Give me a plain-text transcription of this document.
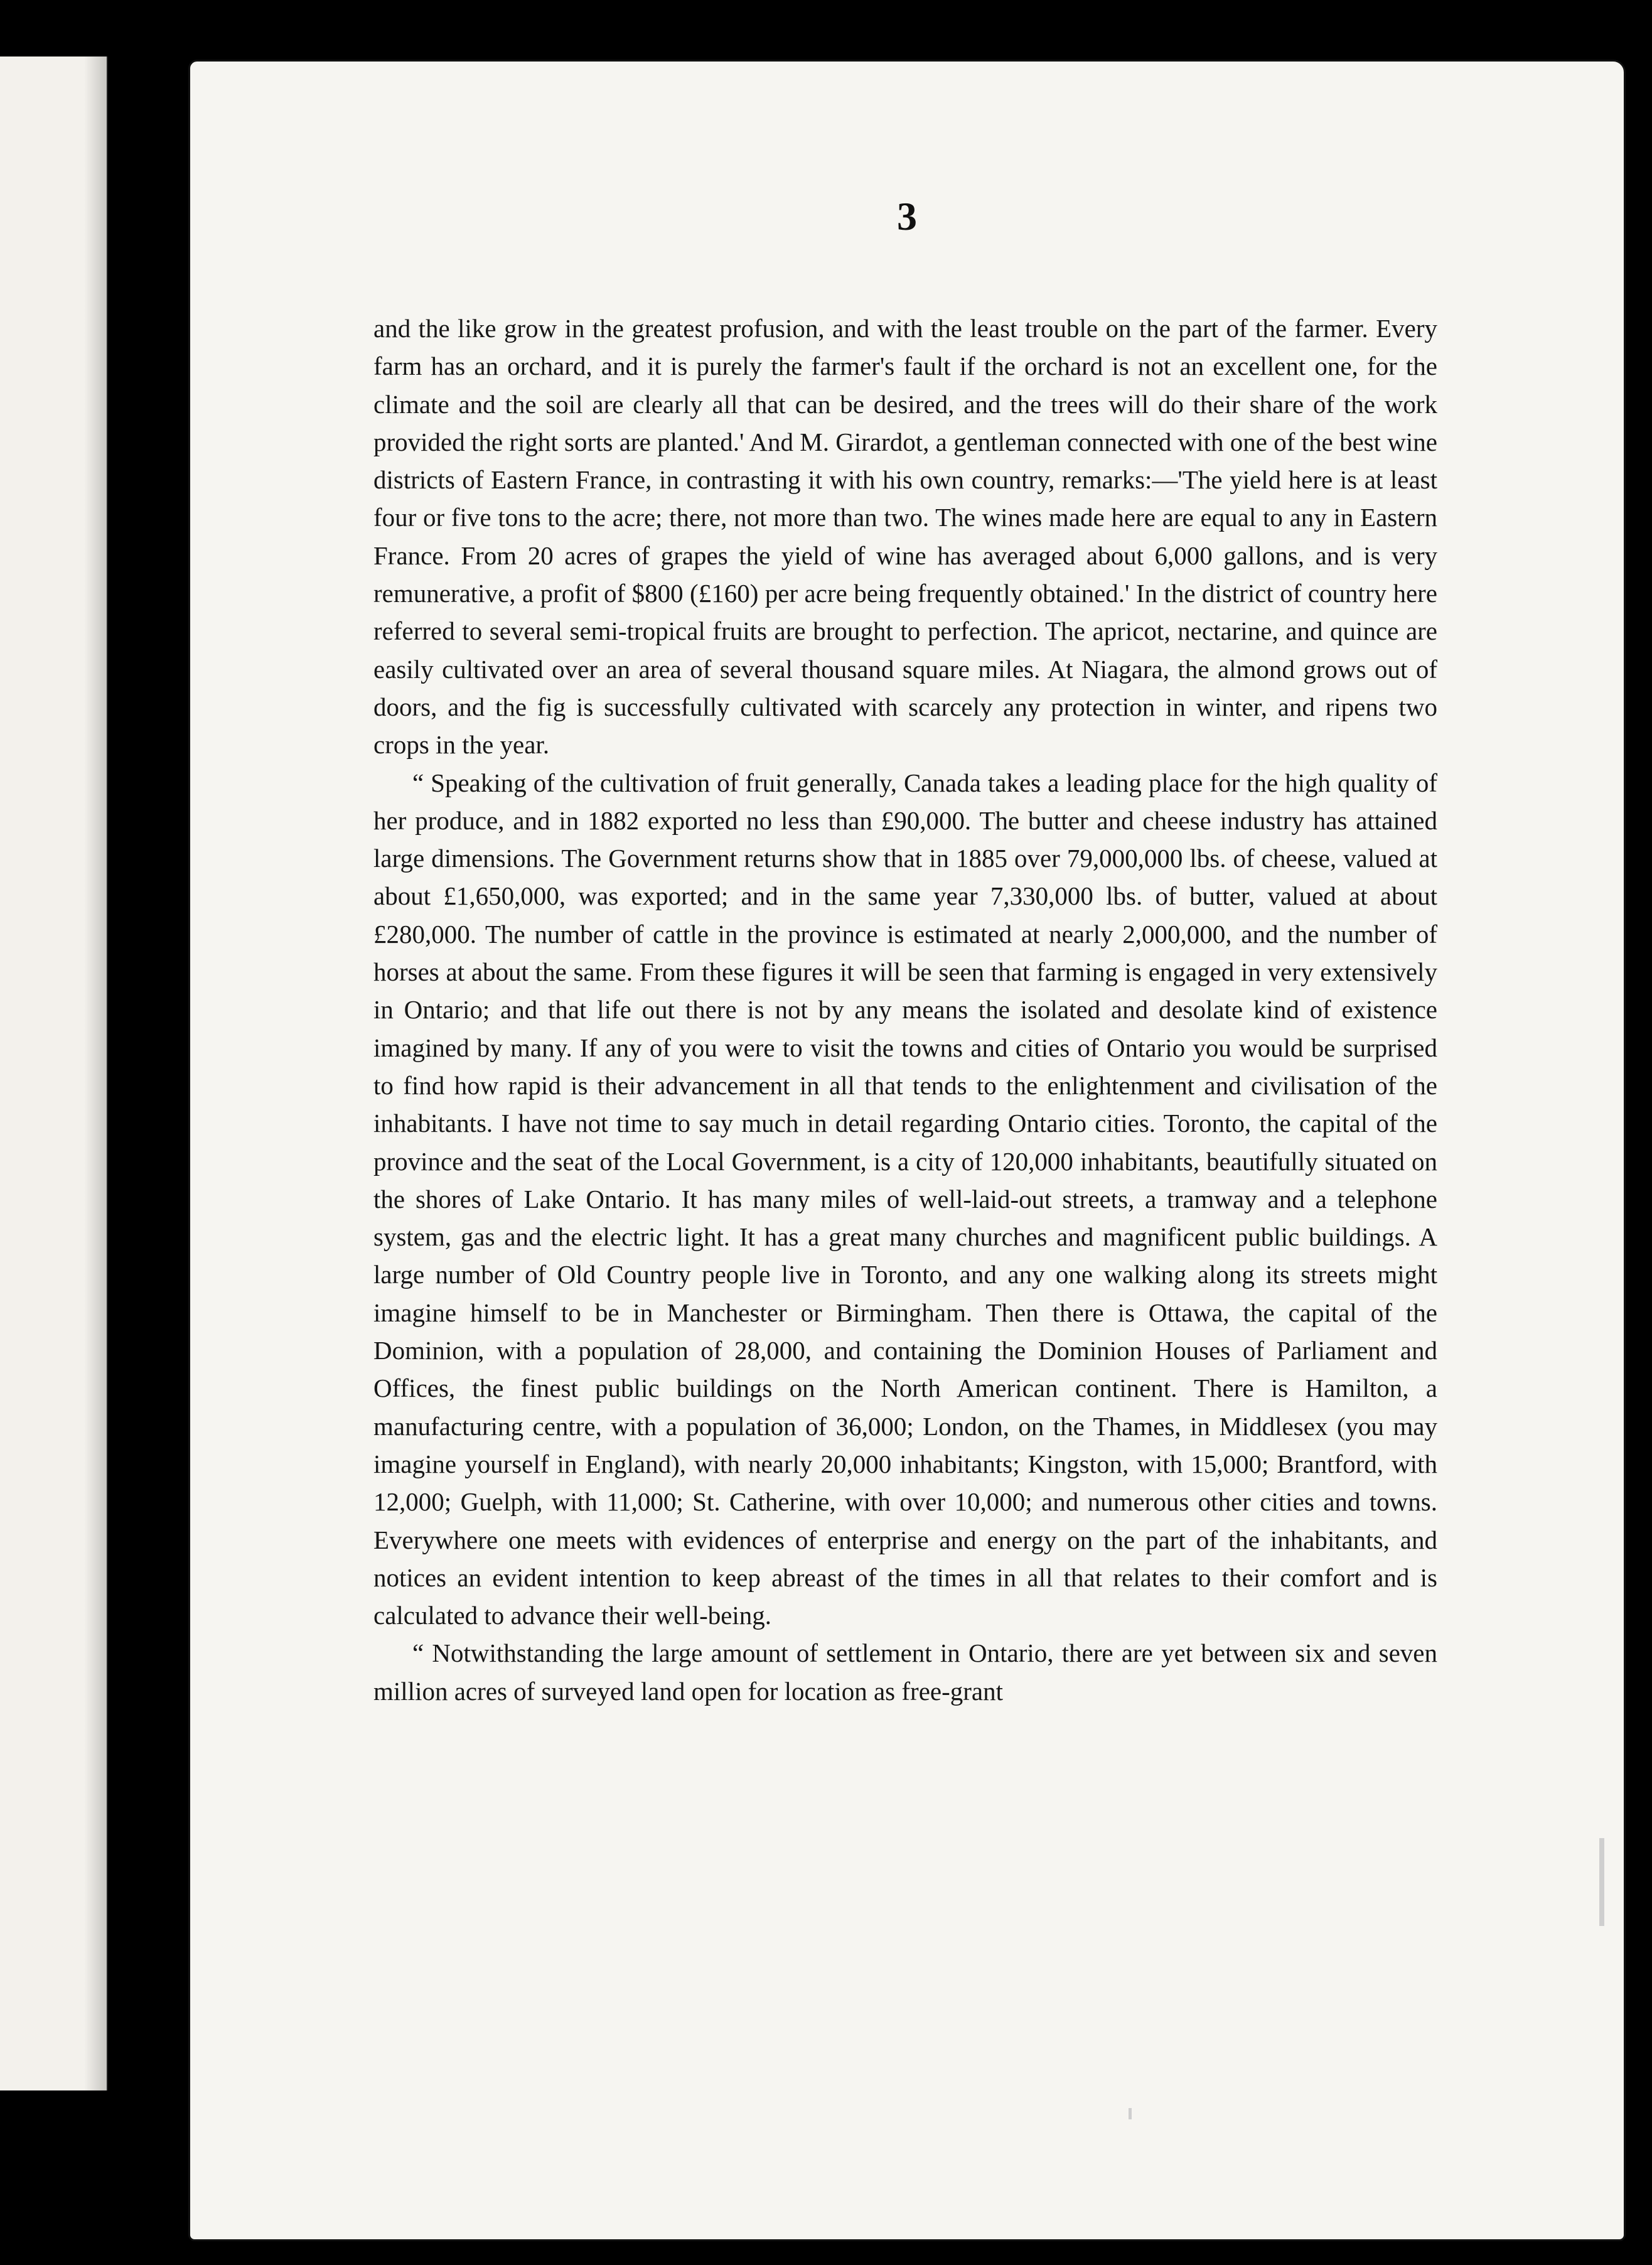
3

and the like grow in the greatest profusion, and with the least trouble on the part of the farmer. Every farm has an orchard, and it is purely the farmer's fault if the orchard is not an excellent one, for the climate and the soil are clearly all that can be desired, and the trees will do their share of the work provided the right sorts are planted.' And M. Girardot, a gentleman connected with one of the best wine districts of Eastern France, in contrasting it with his own country, remarks:—'The yield here is at least four or five tons to the acre; there, not more than two. The wines made here are equal to any in Eastern France. From 20 acres of grapes the yield of wine has averaged about 6,000 gallons, and is very remunerative, a profit of $800 (£160) per acre being frequently obtained.' In the district of country here referred to several semi-tropical fruits are brought to perfection. The apricot, nectarine, and quince are easily cultivated over an area of several thousand square miles. At Niagara, the almond grows out of doors, and the fig is successfully cultivated with scarcely any protection in winter, and ripens two crops in the year.

“ Speaking of the cultivation of fruit generally, Canada takes a leading place for the high quality of her produce, and in 1882 exported no less than £90,000. The butter and cheese industry has attained large dimensions. The Government returns show that in 1885 over 79,000,000 lbs. of cheese, valued at about £1,650,000, was exported; and in the same year 7,330,000 lbs. of butter, valued at about £280,000. The number of cattle in the province is estimated at nearly 2,000,000, and the number of horses at about the same. From these figures it will be seen that farming is engaged in very extensively in Ontario; and that life out there is not by any means the isolated and desolate kind of existence imagined by many. If any of you were to visit the towns and cities of Ontario you would be surprised to find how rapid is their advancement in all that tends to the enlightenment and civilisation of the inhabitants. I have not time to say much in detail regarding Ontario cities. Toronto, the capital of the province and the seat of the Local Government, is a city of 120,000 inhabitants, beautifully situated on the shores of Lake Ontario. It has many miles of well-laid-out streets, a tramway and a telephone system, gas and the electric light. It has a great many churches and magnificent public buildings. A large number of Old Country people live in Toronto, and any one walking along its streets might imagine himself to be in Manchester or Birmingham. Then there is Ottawa, the capital of the Dominion, with a population of 28,000, and containing the Dominion Houses of Parliament and Offices, the finest public buildings on the North American continent. There is Hamilton, a manufacturing centre, with a population of 36,000; London, on the Thames, in Middlesex (you may imagine yourself in England), with nearly 20,000 inhabitants; Kingston, with 15,000; Brantford, with 12,000; Guelph, with 11,000; St. Catherine, with over 10,000; and numerous other cities and towns. Everywhere one meets with evidences of enterprise and energy on the part of the inhabitants, and notices an evident intention to keep abreast of the times in all that relates to their comfort and is calculated to advance their well-being.

“ Notwithstanding the large amount of settlement in Ontario, there are yet between six and seven million acres of surveyed land open for location as free-grant
